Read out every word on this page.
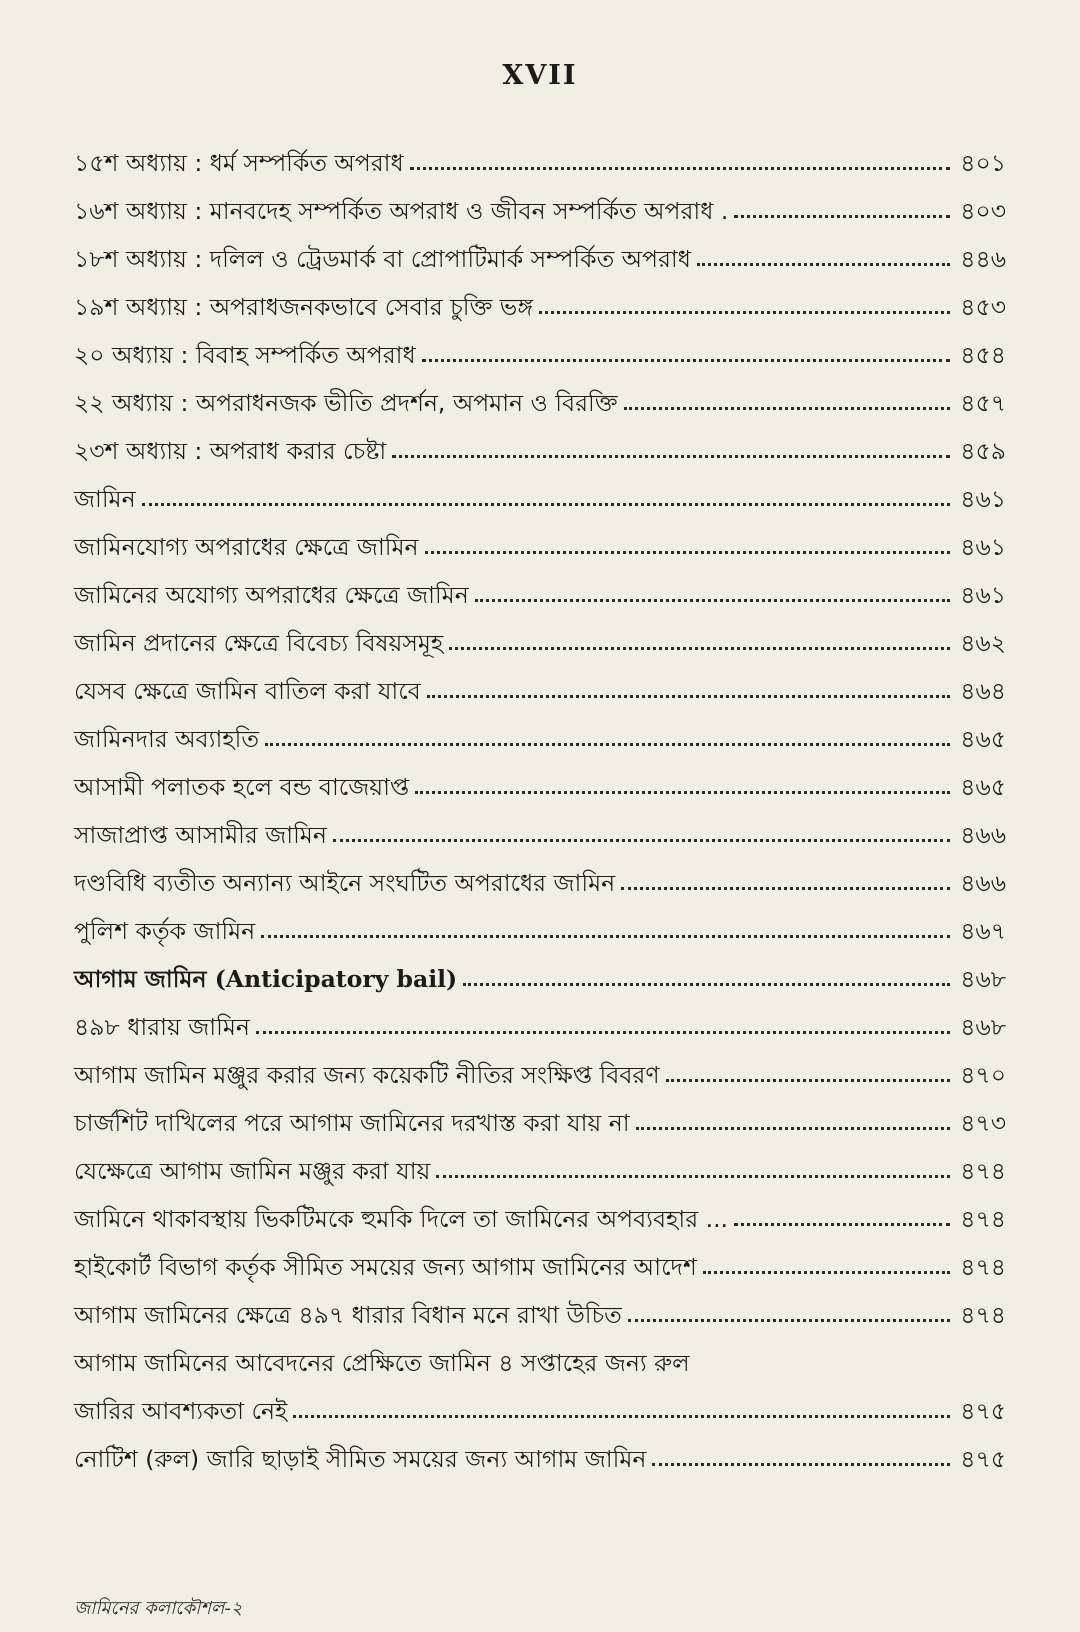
XVII
১৫শ অধ্যায় : ধর্ম সম্পর্কিত অপরাধ	৪০১
১৬শ অধ্যায় : মানবদেহ সম্পর্কিত অপরাধ ও জীবন সম্পর্কিত অপরাধ .	৪০৩
১৮শ অধ্যায় : দলিল ও ট্রেডমার্ক বা প্রোপাটিমার্ক সম্পর্কিত অপরাধ	৪৪৬
১৯শ অধ্যায় : অপরাধজনকভাবে সেবার চুক্তি ভঙ্গ	৪৫৩
২০ অধ্যায় : বিবাহ সম্পর্কিত অপরাধ	৪৫৪
২২ অধ্যায় : অপরাধনজক ভীতি প্রদর্শন, অপমান ও বিরক্তি	৪৫৭
২৩শ অধ্যায় : অপরাধ করার চেষ্টা	৪৫৯
জামিন	৪৬১
জামিনযোগ্য অপরাধের ক্ষেত্রে জামিন	৪৬১
জামিনের অযোগ্য অপরাধের ক্ষেত্রে জামিন	৪৬১
জামিন প্রদানের ক্ষেত্রে বিবেচ্য বিষয়সমূহ	৪৬২
যেসব ক্ষেত্রে জামিন বাতিল করা যাবে	৪৬৪
জামিনদার অব্যাহতি	৪৬৫
আসামী পলাতক হলে বন্ড বাজেয়াপ্ত	৪৬৫
সাজাপ্রাপ্ত আসামীর জামিন	৪৬৬
দণ্ডবিধি ব্যতীত অন্যান্য আইনে সংঘটিত অপরাধের জামিন	৪৬৬
পুলিশ কর্তৃক জামিন	৪৬৭
আগাম জামিন (Anticipatory bail)	৪৬৮
৪৯৮ ধারায় জামিন	৪৬৮
আগাম জামিন মঞ্জুর করার জন্য কয়েকটি নীতির সংক্ষিপ্ত বিবরণ	৪৭০
চার্জশিট দাখিলের পরে আগাম জামিনের দরখাস্ত করা যায় না	৪৭৩
যেক্ষেত্রে আগাম জামিন মঞ্জুর করা যায়	৪৭৪
জামিনে থাকাবস্থায় ভিকটিমকে হুমকি দিলে তা জামিনের অপব্যবহার ...	৪৭৪
হাইকোর্ট বিভাগ কর্তৃক সীমিত সময়ের জন্য আগাম জামিনের আদেশ	৪৭৪
আগাম জামিনের ক্ষেত্রে ৪৯৭ ধারার বিধান মনে রাখা উচিত	৪৭৪
আগাম জামিনের আবেদনের প্রেক্ষিতে জামিন ৪ সপ্তাহের জন্য রুল
জারির আবশ্যকতা নেই	৪৭৫
নোটিশ (রুল) জারি ছাড়াই সীমিত সময়ের জন্য আগাম জামিন	৪৭৫
জামিনের কলাকৌশল-২
